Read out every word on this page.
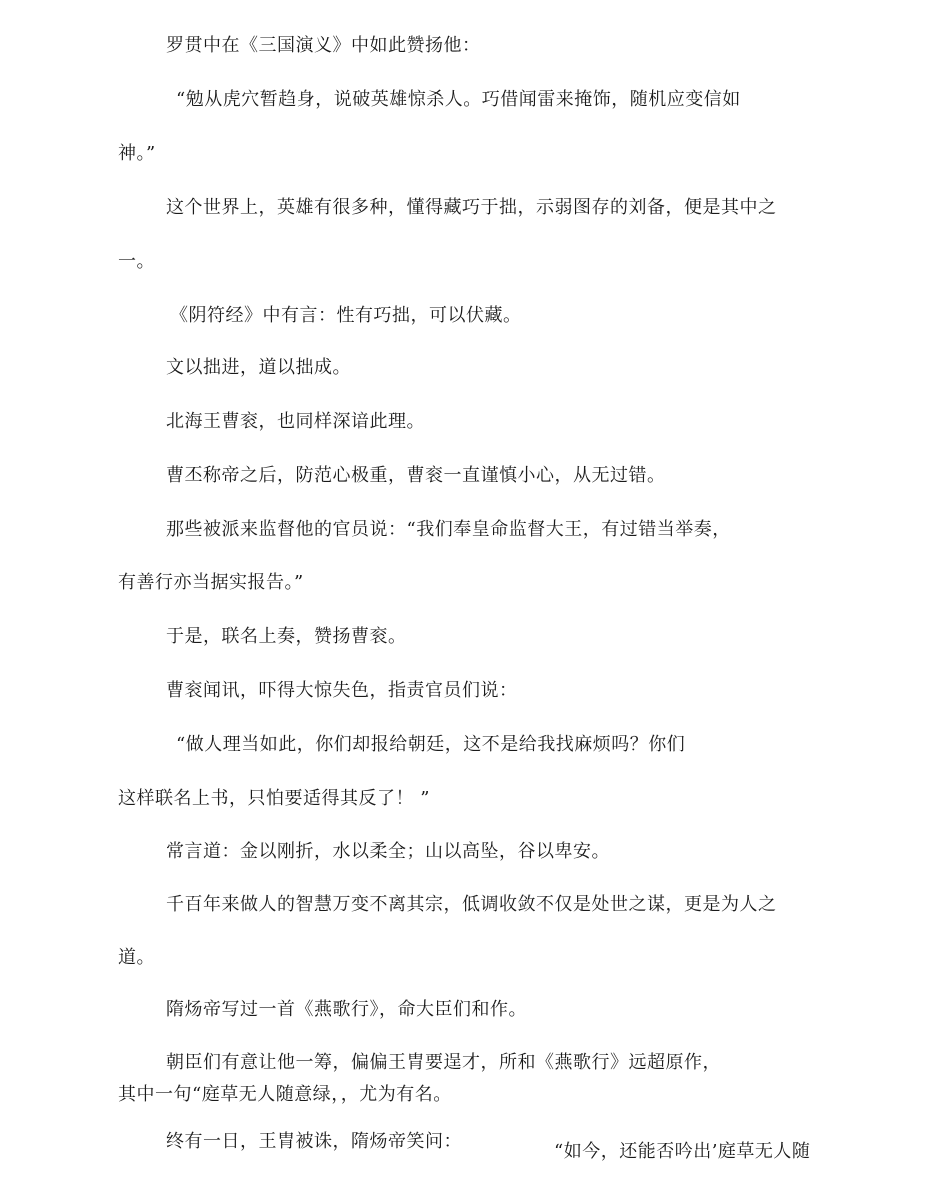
罗贯中在《三国演义》中如此赞扬他：
“勉从虎穴暂趋身，说破英雄惊杀人。巧借闻雷来掩饰，随机应变信如
神。”
这个世界上，英雄有很多种，懂得藏巧于拙，示弱图存的刘备，便是其中之
一。
《阴符经》中有言：性有巧拙，可以伏藏。
文以拙进，道以拙成。
北海王曹衮，也同样深谙此理。
曹丕称帝之后，防范心极重，曹衮一直谨慎小心，从无过错。
那些被派来监督他的官员说：“我们奉皇命监督大王，有过错当举奏，
有善行亦当据实报告。”
于是，联名上奏，赞扬曹衮。
曹衮闻讯，吓得大惊失色，指责官员们说：
“做人理当如此，你们却报给朝廷，这不是给我找麻烦吗？你们
这样联名上书，只怕要适得其反了！ ”
常言道：金以刚折，水以柔全；山以高坠，谷以卑安。
千百年来做人的智慧万变不离其宗，低调收敛不仅是处世之谋，更是为人之
道。
隋炀帝写过一首《燕歌行》，命大臣们和作。
朝臣们有意让他一筹，偏偏王胄要逞才，所和《燕歌行》远超原作，
其中一句“庭草无人随意绿，，尤为有名。
终有一日，王胄被诛，隋炀帝笑问：	“如今，还能否吟出’庭草无人随
